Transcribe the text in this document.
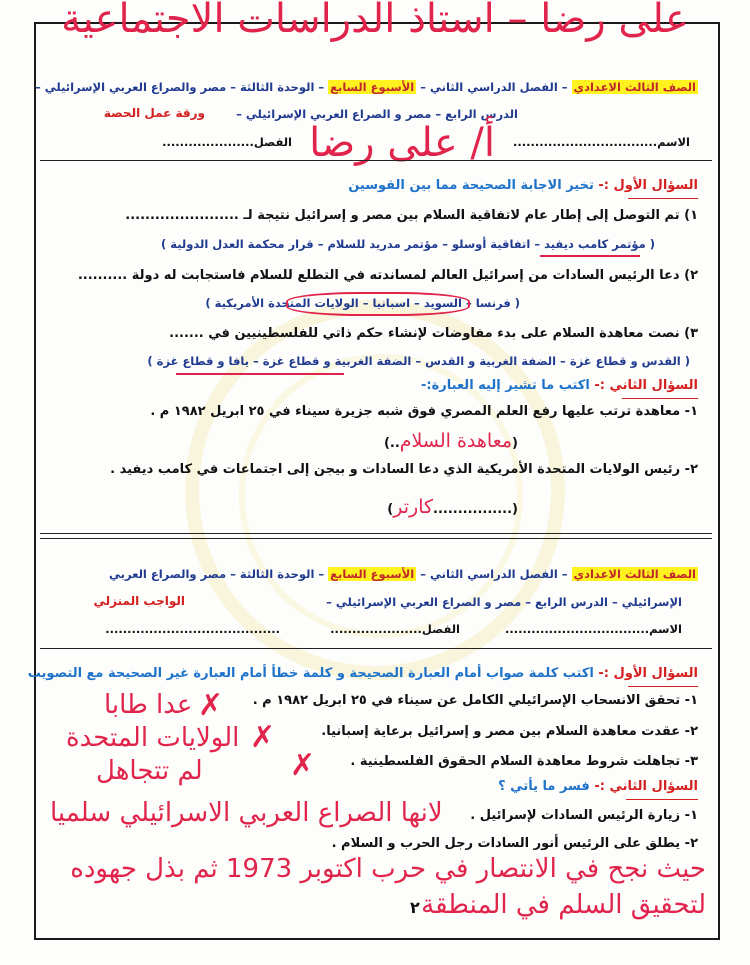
على رضا – استاذ الدراسات الاجتماعية
الصف الثالث الاعدادي – الفصل الدراسي الثاني – الأسبوع السابع – الوحدة الثالثة – مصر والصراع العربي الإسرائيلي –
الدرس الرابع – مصر و الصراع العربي الإسرائيلي –
ورقة عمل الحصة
الاسم.................................
الفصل..................... أ/ على رضا
السؤال الأول :- تخير الاجابة الصحيحة مما بين القوسين
١) تم التوصل إلى إطار عام لاتفاقية السلام بين مصر و إسرائيل نتيجة لـ .......................
( مؤتمر كامب ديفيد – اتفاقية أوسلو – مؤتمر مدريد للسلام – قرار محكمة العدل الدولية )
٢) دعا الرئيس السادات من إسرائيل العالم لمساندته في التطلع للسلام فاستجابت له دولة ..........
( فرنسا – السويد – اسبانيا – الولايات المتحدة الأمريكية )
٣) نصت معاهدة السلام على بدء مفاوضات لإنشاء حكم ذاتي للفلسطينيين في .......
( القدس و قطاع غزة – الضفة الغربية و القدس – الضفة الغربية و قطاع غزة – يافا و قطاع غزة )
السؤال الثاني :- اكتب ما تشير إليه العبارة:-
١- معاهدة ترتب عليها رفع العلم المصري فوق شبه جزيرة سيناء في ٢٥ ابريل ١٩٨٢ م .
(معاهدة السلام..)
٢- رئيس الولايات المتحدة الأمريكية الذي دعا السادات و بيجن إلى اجتماعات في كامب ديفيد .
(................كارتر)
الصف الثالث الاعدادي – الفصل الدراسي الثاني – الأسبوع السابع – الوحدة الثالثة – مصر والصراع العربي
الإسرائيلي – الدرس الرابع – مصر و الصراع العربي الإسرائيلي –
الواجب المنزلي
الاسم.................................
الفصل.....................
........................................
السؤال الأول :- اكتب كلمة صواب أمام العبارة الصحيحة و كلمة خطأ أمام العبارة غير الصحيحة مع التصويب
١- تحقق الانسحاب الإسرائيلي الكامل عن سيناء في ٢٥ ابريل ١٩٨٢ م .
✗
عدا طابا
٢- عقدت معاهدة السلام بين مصر و إسرائيل برعاية إسبانيا.
✗
الولايات المتحدة
٣- تجاهلت شروط معاهدة السلام الحقوق الفلسطينية .
✗
لم تتجاهل
السؤال الثاني :- فسر ما يأتي ؟
١- زيارة الرئيس السادات لإسرائيل .
لانها الصراع العربي الاسرائيلي سلميا
٢- يطلق على الرئيس أنور السادات رجل الحرب و السلام .
حيث نجح في الانتصار في حرب اكتوبر 1973 ثم بذل جهوده
لتحقيق السلم في المنطقة
٢
